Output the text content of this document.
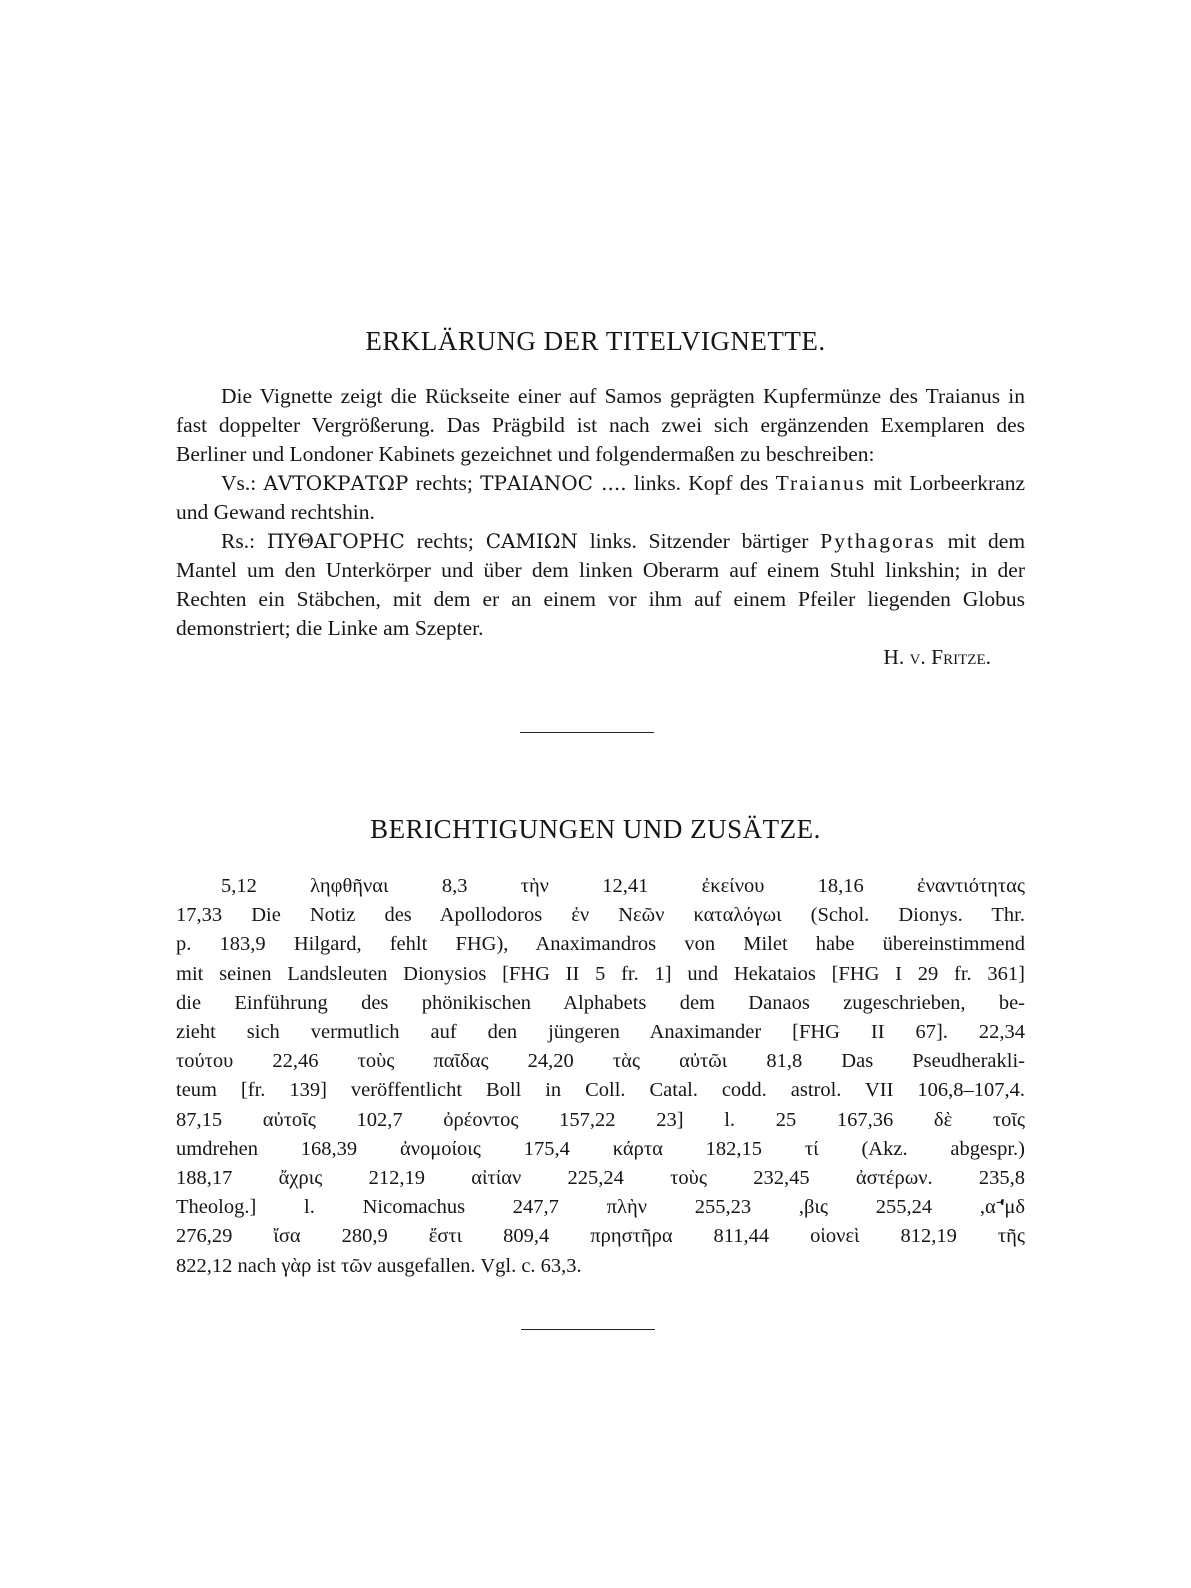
ERKLÄRUNG DER TITELVIGNETTE.

Die Vignette zeigt die Rückseite einer auf Samos geprägten Kupfermünze des Traianus in fast doppelter Vergrößerung. Das Prägbild ist nach zwei sich ergänzenden Exemplaren des Berliner und Londoner Kabinets gezeichnet und folgendermaßen zu beschreiben:

Vs.: ΑVΤΟΚΡΑΤΩΡ rechts; ΤΡΑΙΑΝΟC .... links. Kopf des Traianus mit Lorbeerkranz und Gewand rechtshin.

Rs.: ΠΥΘΑΓΟΡΗC rechts; CΑΜΙΩΝ links. Sitzender bärtiger Pythagoras mit dem Mantel um den Unterkörper und über dem linken Oberarm auf einem Stuhl linkshin; in der Rechten ein Stäbchen, mit dem er an einem vor ihm auf einem Pfeiler liegenden Globus demonstriert; die Linke am Szepter.

H. v. Fritze.

BERICHTIGUNGEN UND ZUSÄTZE.
5,12 ληφθῆναι 8,3 τὴν 12,41 ἐκείνου 18,16 ἐναντιότητας
17,33 Die Notiz des Apollodoros ἐν Νεῶν καταλόγωι (Schol. Dionys. Thr.
p. 183,9 Hilgard, fehlt FHG), Anaximandros von Milet habe übereinstimmend
mit seinen Landsleuten Dionysios [FHG II 5 fr. 1] und Hekataios [FHG I 29 fr. 361]
die Einführung des phönikischen Alphabets dem Danaos zugeschrieben, be-
zieht sich vermutlich auf den jüngeren Anaximander [FHG II 67]. 22,34
τούτου 22,46 τοὺς παῖδας 24,20 τὰς αὐτῶι 81,8 Das Pseudherakli-
teum [fr. 139] veröffentlicht Boll in Coll. Catal. codd. astrol. VII 106,8–107,4.
87,15 αὐτοῖς 102,7 ὀρέοντος 157,22 23] l. 25 167,36 δὲ τοῖς
umdrehen 168,39 ἀνομοίοις 175,4 κάρτα 182,15 τί (Akz. abgespr.)
188,17 ἄχρις 212,19 αἰτίαν 225,24 τοὺς 232,45 ἀστέρων. 235,8
Theolog.] l. Nicomachus 247,7 πλὴν 255,23 ,βις 255,24 ,α𝀀μδ
276,29 ἴσα 280,9 ἔστι 809,4 πρηστῆρα 811,44 οἱονεὶ 812,19 τῆς
822,12 nach γὰρ ist τῶν ausgefallen. Vgl. c. 63,3.
